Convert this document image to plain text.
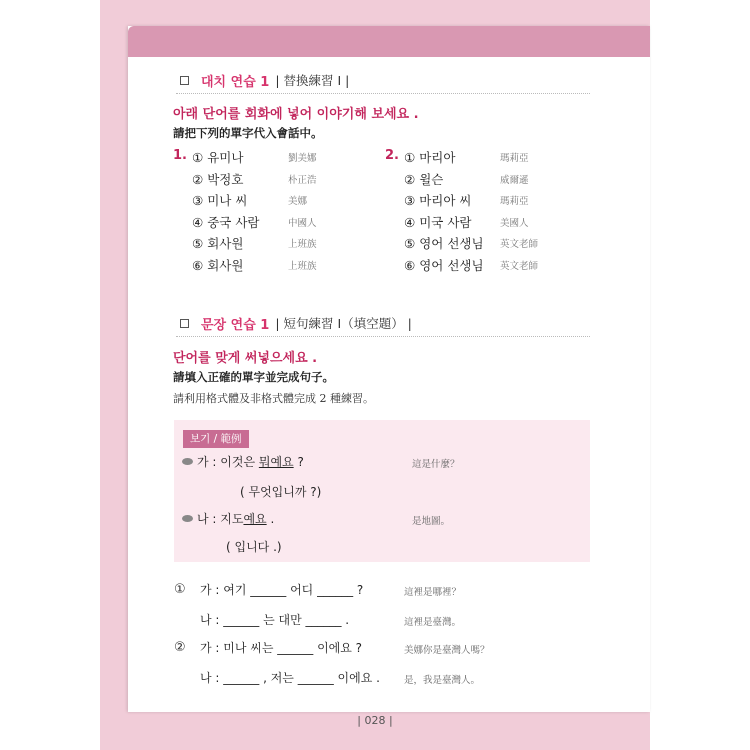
대치 연습 1 | 替換練習 I |
아래 단어를 회화에 넣어 이야기해 보세요 .
請把下列的單字代入會話中。
1. ① 유미나	劉美娜
② 박정호	朴正浩
③ 미나 씨	美娜
④ 중국 사람	中國人
⑤ 회사원	上班族
⑥ 회사원	上班族
2. ① 마리아	瑪莉亞
② 윌슨	威爾遜
③ 마리아 씨	瑪莉亞
④ 미국 사람	美國人
⑤ 영어 선생님	英文老師
⑥ 영어 선생님	英文老師
문장 연습 1 | 短句練習 I（填空題） |
단어를 맞게 써넣으세요 .
請填入正確的單字並完成句子。
請利用格式體及非格式體完成 2 種練習。
보기 / 範例
가 : 이것은 뭐예요 ?	這是什麼？
( 무엇입니까 ?)
나 : 지도 예요 .	是地圖。
( 입니다 .)
①	가 : 여기 ______ 어디 ______ ?	這裡是哪裡？
나 : ______ 는 대만 ______ .	這裡是臺灣。
②	가 : 미나 씨는 ______ 이에요 ?	美娜你是臺灣人嗎？
나 : ______ , 저는 ______ 이에요 .	是，我是臺灣人。
| 028 |
